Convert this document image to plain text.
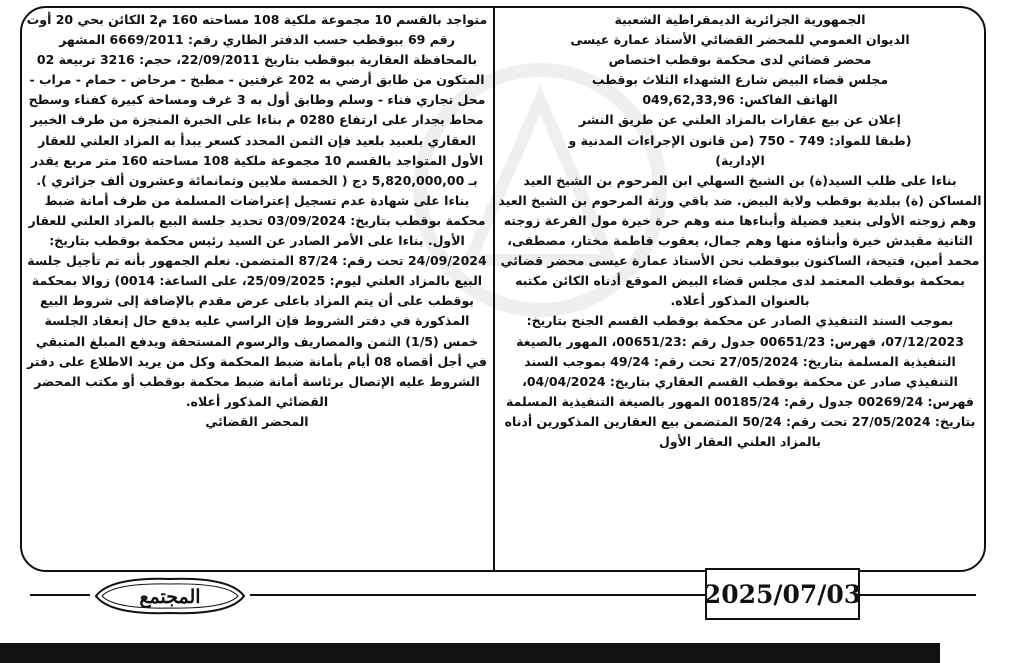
الجمهورية الجزائرية الديمقراطية الشعبية

الديوان العمومي للمحضر القضائي الأستاذ عمارة عيسى

محضر قضائي لدى محكمة بوقطب اختصاص

مجلس قضاء البيض شارع الشهداء الثلاث بوقطب

الهاتف الفاكس: 049,62,33,96

إعلان عن بيع عقارات بالمزاد العلني عن طريق النشر

(طبقا للمواد: 749 - 750 (من قانون الإجراءات المدنية و

الإدارية)

بناءا على طلب السيد(ة) بن الشيخ السهلي ابن المرحوم بن الشيخ العيد المساكن (ة) ببلدية بوقطب ولاية البيض. ضد باقي ورثة المرحوم بن الشيخ العيد وهم زوجته الأولى بنعيد فضيلة وأبناءها منه وهم حرة خيرة مول الفرعة زوجته الثانية مقيدش خيرة وأبناؤه منها وهم جمال، يعقوب فاطمة مختار، مصطفى، محمد أمين، فتيحة، الساكنون ببوقطب نحن الأستاذ عمارة عيسى محضر قضائي بمحكمة بوقطب المعتمد لدى مجلس قضاء البيض الموقع أدناه الكائن مكتبه بالعنوان المذكور أعلاه.

بموجب السند التنفيذي الصادر عن محكمة بوقطب القسم الجنح بتاريخ: 07/12/2023، فهرس: 00651/23 جدول رقم :00651/23، المهور بالصيغة التنفيذية المسلمة بتاريخ: 27/05/2024 تحت رقم: 49/24 بموجب السند التنفيذي صادر عن محكمة بوقطب القسم العقاري بتاريخ: 04/04/2024، فهرس: 00269/24 جدول رقم: 00185/24 المهور بالصيغة التنفيذية المسلمة بتاريخ: 27/05/2024 تحت رقم: 50/24 المتضمن بيع العقارين المذكورين أدناه بالمزاد العلني العقار الأول

متواجد بالقسم 10 مجموعة ملكية 108 مساحته 160 م2 الكائن بحي 20 أوت رقم 69 ببوقطب حسب الدفتر الطاري رقم: 6669/2011 المشهر بالمحافظة العقارية ببوقطب بتاريخ 22/09/2011، حجم: 3216 تربيعة 02 المتكون من طابق أرضي به 202 غرفتين - مطبخ - مرحاض - حمام - مراب - محل تجاري فناء - وسلم وطابق أول به 3 غرف ومساحة كبيرة كفناء وسطح محاط بجدار على ارتفاع 0280 م بناءا على الخبرة المنجزة من طرف الخبير العقاري بلعبيد بلعيد فإن الثمن المحدد كسعر يبدأ به المزاد العلني للعقار الأول المتواجد بالقسم 10 مجموعة ملكية 108 مساحته 160 متر مربع يقدر بـ 5,820,000,00 دج ( الخمسة ملايين وثمانمائة وعشرون ألف جزائري ). بناءا على شهادة عدم تسجيل إعتراضات المسلمة من طرف أمانة ضبط محكمة بوقطب بتاريخ: 03/09/2024 تحديد جلسة البيع بالمزاد العلني للعقار الأول. بناءا على الأمر الصادر عن السيد رئيس محكمة بوقطب بتاريخ: 24/09/2024 تحت رقم: 87/24 المتضمن. نعلم الجمهور بأنه تم تأجيل جلسة البيع بالمزاد العلني ليوم: 25/09/2025، على الساعة: 0014) زوالا بمحكمة بوقطب على أن يتم المزاد باعلى عرض مقدم بالإضافة إلى شروط البيع المذكورة في دفتر الشروط فإن الراسي عليه يدفع حال إنعقاد الجلسة خمس (1/5) الثمن والمصاريف والرسوم المستحقة ويدفع المبلغ المتبقي في أجل أقصاه 08 أيام بأمانة ضبط المحكمة وكل من يريد الاطلاع على دفتر الشروط عليه الإتصال برئاسة أمانة ضبط محكمة بوقطب أو مكتب المحضر القضائي المذكور أعلاه.

المحضر القضائي

2025/07/03
المجتمع
